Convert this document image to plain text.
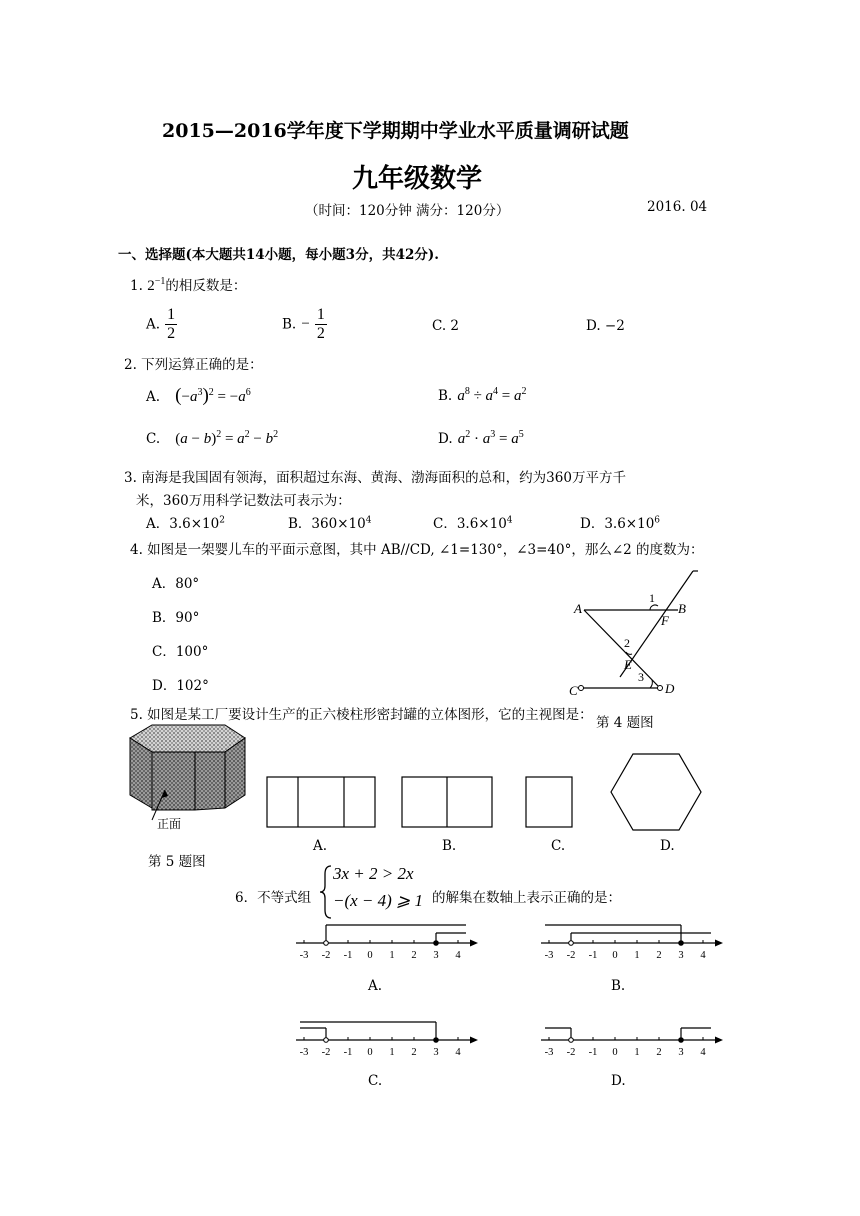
2015—2016学年度下学期期中学业水平质量调研试题
九年级数学
（时间：120分钟 满分：120分）	2016. 04
一、选择题(本大题共14小题，每小题3分，共42分).
1. $2^{-1}$的相反数是：
A. $\frac{1}{2}$	B. − $\frac{1}{2}$	C. 2	D. −2
2. 下列运算正确的是：
A. $(-a^3)^2 = -a^6$	B. $a^8 \div a^4 = a^2$
C. $(a - b)^2 = a^2 - b^2$	D. $a^2 \cdot a^3 = a^5$
3. 南海是我国固有领海，面积超过东海、黄海、渤海面积的总和，约为360万平方千
米，360万用科学记数法可表示为：
A．$3.6\times 10^2$	B．$360\times 10^4$	C．$3.6\times 10^4$	D．$3.6\times 10^6$
4. 如图是一架婴儿车的平面示意图，其中 AB//CD, ∠1=130°，∠3=40°，那么∠2 的度数为：
A．80°
B．90°
C．100°
D．102°
A	B
F
E
C	D
1
2
3
第 4 题图
5. 如图是某工厂要设计生产的正六棱柱形密封罐的立体图形，它的主视图是：
正面
第 5 题图
A.	B.	C.	D.
6．不等式组
3x + 2 > 2x
−(x − 4) ⩾ 1 的解集在数轴上表示正确的是：
-3 -2 -1 0 1 2 3 4	-3 -2 -1 0 1 2 3 4
-3 -2 -1 0 1 2 3 4	-3 -2 -1 0 1 2 3 4
A.	B.
C.	D.
